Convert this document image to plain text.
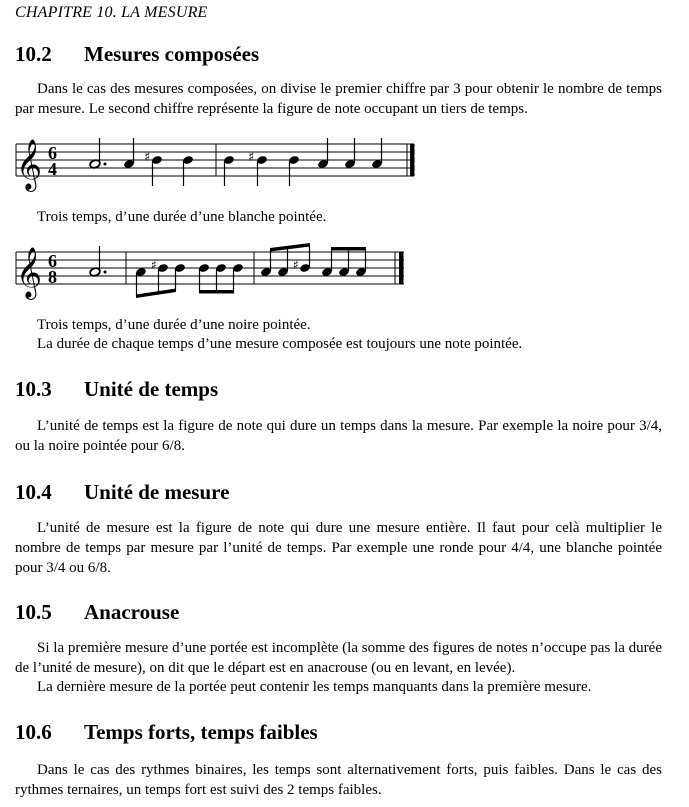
CHAPITRE 10. LA MESURE
10.2 Mesures composées
Dans le cas des mesures composées, on divise le premier chiffre par 3 pour obtenir le nombre de temps par mesure. Le second chiffre représente la figure de note occupant un tiers de temps.
𝄞 6
4
♯	♯
Trois temps, d’une durée d’une blanche pointée.
𝄞 6
8
♯	♯
Trois temps, d’une durée d’une noire pointée.
La durée de chaque temps d’une mesure composée est toujours une note pointée.
10.3 Unité de temps
L’unité de temps est la figure de note qui dure un temps dans la mesure. Par exemple la noire pour 3/4, ou la noire pointée pour 6/8.
10.4 Unité de mesure
L’unité de mesure est la figure de note qui dure une mesure entière. Il faut pour celà multiplier le nombre de temps par mesure par l’unité de temps. Par exemple une ronde pour 4/4, une blanche pointée pour 3/4 ou 6/8.
10.5 Anacrouse
Si la première mesure d’une portée est incomplète (la somme des figures de notes n’occupe pas la durée de l’unité de mesure), on dit que le départ est en anacrouse (ou en levant, en levée).
La dernière mesure de la portée peut contenir les temps manquants dans la première mesure.
10.6 Temps forts, temps faibles
Dans le cas des rythmes binaires, les temps sont alternativement forts, puis faibles. Dans le cas des rythmes ternaires, un temps fort est suivi des 2 temps faibles.
